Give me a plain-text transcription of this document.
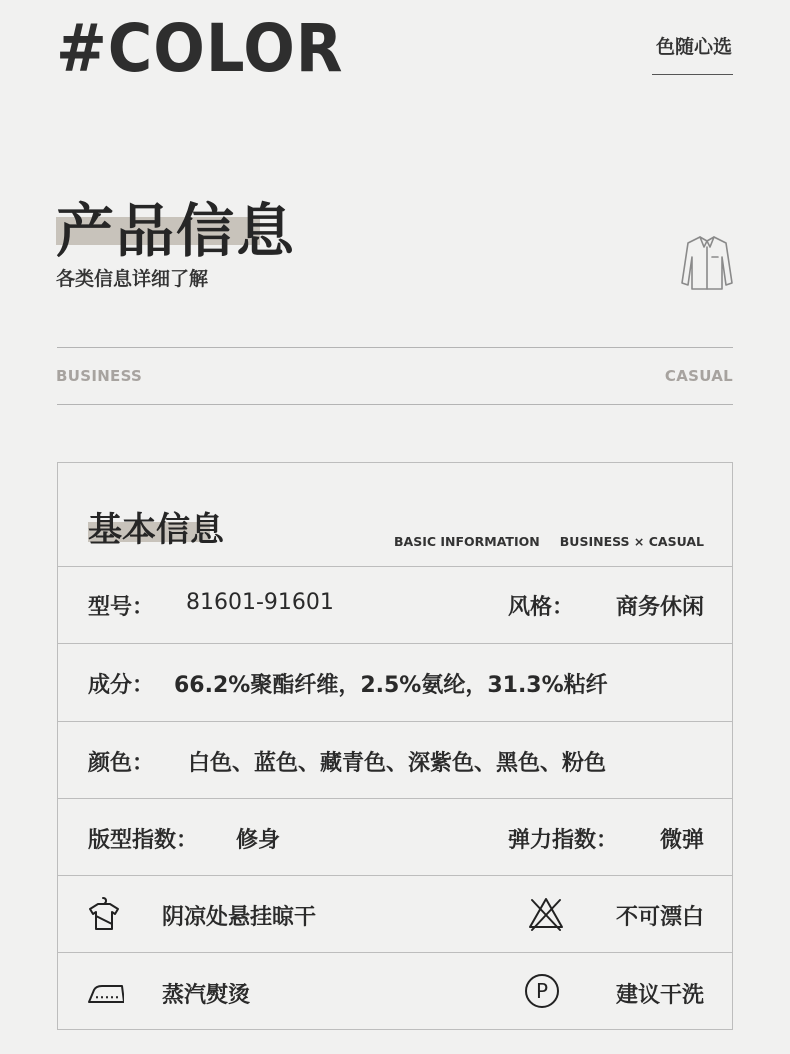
#COLOR	色随心选
产品信息
各类信息详细了解
BUSINESS	CASUAL
基本信息	BASIC INFORMATION BUSINESS × CASUAL
型号： 81601-91601	风格： 商务休闲
成分： 66.2%聚酯纤维，2.5%氨纶，31.3%粘纤
颜色： 白色、蓝色、藏青色、深紫色、黑色、粉色
版型指数： 修身	弹力指数： 微弹
阴凉处悬挂晾干	不可漂白
蒸汽熨烫	P	建议干洗
